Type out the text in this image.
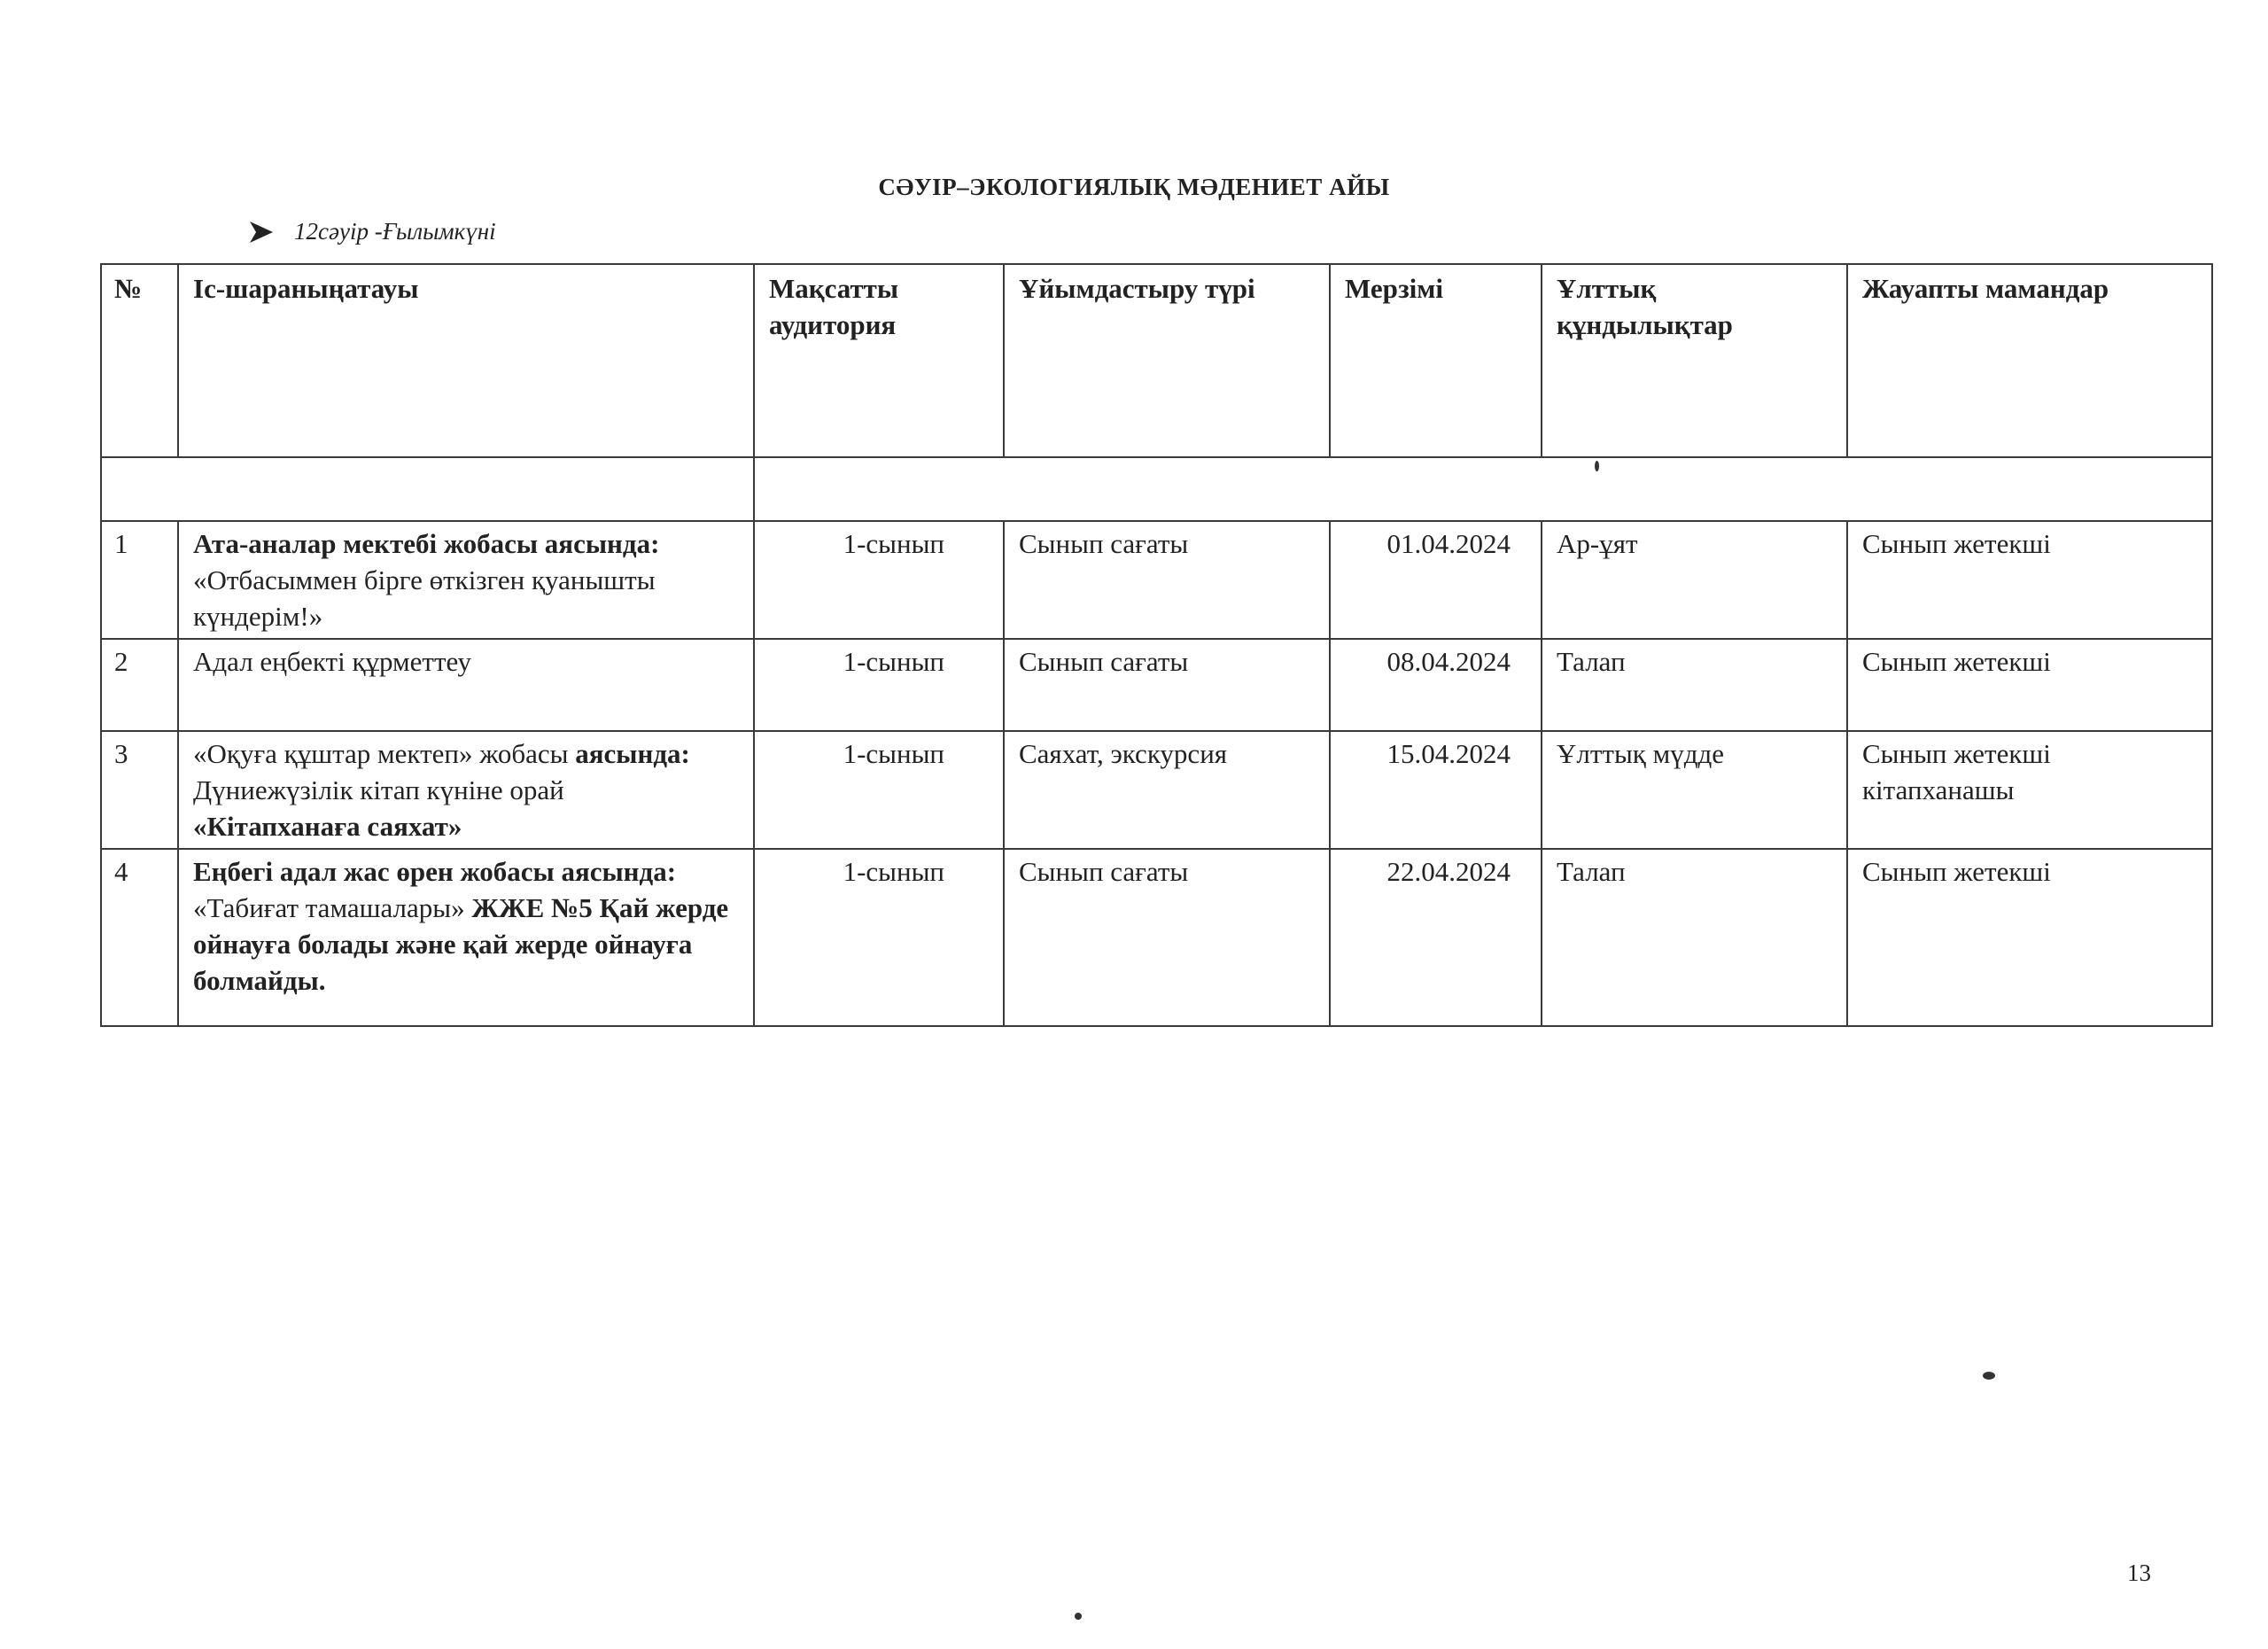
СӘУІР–ЭКОЛОГИЯЛЫҚ МӘДЕНИЕТ АЙЫ
12сәуір -Ғылымкүні
№	Іс-шараныңатауы	Мақсатты аудитория	Ұйымдастыру түрі	Мерзімі	Ұлттық құндылықтар	Жауапты мамандар

1	Ата-аналар мектебі жобасы аясында: «Отбасыммен бірге өткізген қуанышты күндерім!»	1-сынып	Сынып сағаты	01.04.2024	Ар-ұят	Сынып жетекші
2	Адал еңбекті құрметтеу	1-сынып	Сынып сағаты	08.04.2024	Талап	Сынып жетекші
3	«Оқуға құштар мектеп» жобасы аясында: Дүниежүзілік кітап күніне орай  «Кітапханаға саяхат»	1-сынып	Саяхат, экскурсия	15.04.2024	Ұлттық мүдде	Сынып жетекші кітапханашы
4	Еңбегі адал жас өрен жобасы аясында: «Табиғат тамашалары» ЖЖЕ №5 Қай жерде ойнауға болады және қай жерде ойнауға болмайды.	1-сынып	Сынып сағаты	22.04.2024	Талап	Сынып жетекші
13
